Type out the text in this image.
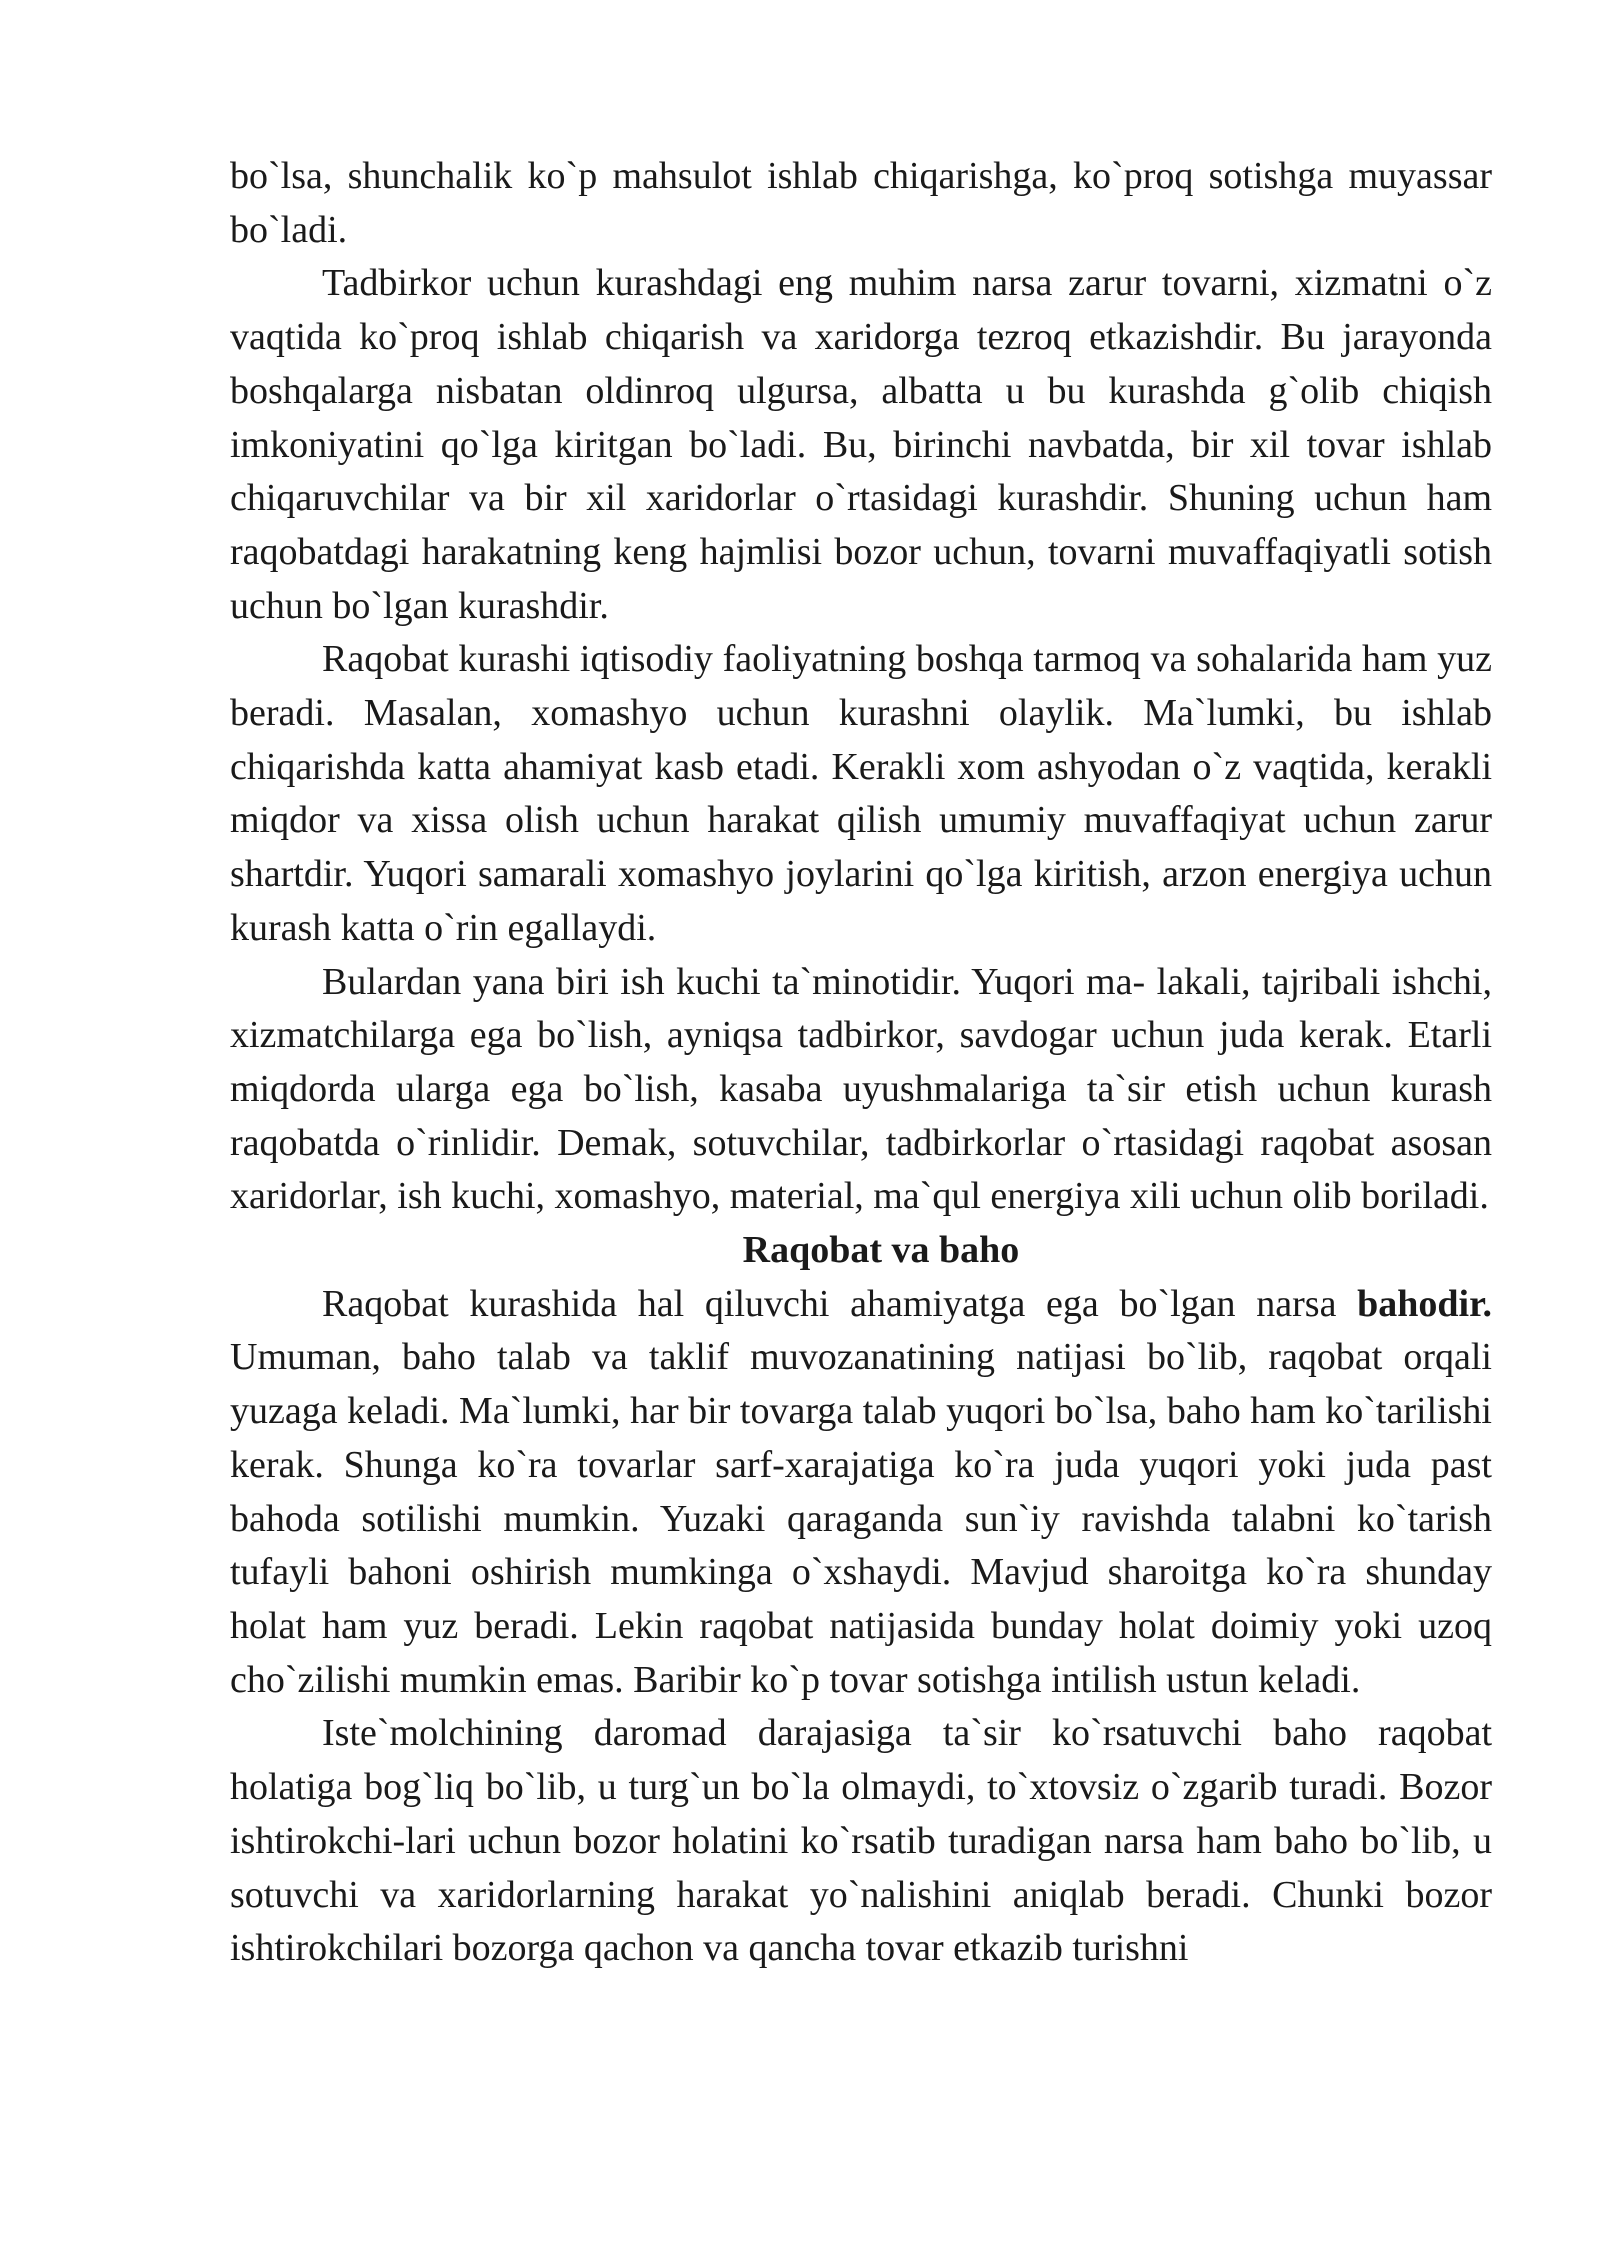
bo`lsa, shunchalik ko`p mahsulot ishlab chiqarishga, ko`proq sotishga muyassar bo`ladi.

Tadbirkor uchun kurashdagi eng muhim narsa zarur tovarni, xizmatni o`z vaqtida ko`proq ishlab chiqarish va xaridorga tezroq etkazishdir. Bu jarayonda boshqalarga nisbatan oldinroq ulgursa, albatta u bu kurashda g`olib chiqish imkoniyatini qo`lga kiritgan bo`ladi. Bu, birinchi navbatda, bir xil tovar ishlab chiqaruvchilar va bir xil xaridorlar o`rtasidagi kurashdir. Shuning uchun ham raqobatdagi harakatning keng hajmlisi bozor uchun, tovarni muvaffaqiyatli sotish uchun bo`lgan kurashdir.

Raqobat kurashi iqtisodiy faoliyatning boshqa tarmoq va sohalarida ham yuz beradi. Masalan, xomashyo uchun kurashni olaylik. Ma`lumki, bu ishlab chiqarishda katta ahamiyat kasb etadi. Kerakli xom ashyodan o`z vaqtida, kerakli miqdor va xissa olish uchun harakat qilish umumiy muvaffaqiyat uchun zarur shartdir. Yuqori samarali xomashyo joylarini qo`lga kiritish, arzon energiya uchun kurash katta o`rin egallaydi.

Bulardan yana biri ish kuchi ta`minotidir. Yuqori ma- lakali, tajribali ishchi, xizmatchilarga ega bo`lish, ayniqsa tadbirkor, savdogar uchun juda kerak. Etarli miqdorda ularga ega bo`lish, kasaba uyushmalariga ta`sir etish uchun kurash raqobatda o`rinlidir. Demak, sotuvchilar, tadbirkorlar o`rtasidagi raqobat asosan xaridorlar, ish kuchi, xomashyo, material, ma`qul energiya xili uchun olib boriladi.

Raqobat va baho

Raqobat kurashida hal qiluvchi ahamiyatga ega bo`lgan narsa bahodir. Umuman, baho talab va taklif muvozanatining natijasi bo`lib, raqobat orqali yuzaga keladi. Ma`lumki, har bir tovarga talab yuqori bo`lsa, baho ham ko`tarilishi kerak. Shunga ko`ra tovarlar sarf-xarajatiga ko`ra juda yuqori yoki juda past bahoda sotilishi mumkin. Yuzaki qaraganda sun`iy ravishda talabni ko`tarish tufayli bahoni oshirish mumkinga o`xshaydi. Mavjud sharoitga ko`ra shunday holat ham yuz beradi. Lekin raqobat natijasida bunday holat doimiy yoki uzoq cho`zilishi mumkin emas. Baribir ko`p tovar sotishga intilish ustun keladi.

Iste`molchining daromad darajasiga ta`sir ko`rsatuvchi baho raqobat holatiga bog`liq bo`lib, u turg`un bo`la olmaydi, to`xtovsiz o`zgarib turadi. Bozor ishtirokchi-lari uchun bozor holatini ko`rsatib turadigan narsa ham baho bo`lib, u sotuvchi va xaridorlarning harakat yo`nalishini aniqlab beradi. Chunki bozor ishtirokchilari bozorga qachon va qancha tovar etkazib turishni
